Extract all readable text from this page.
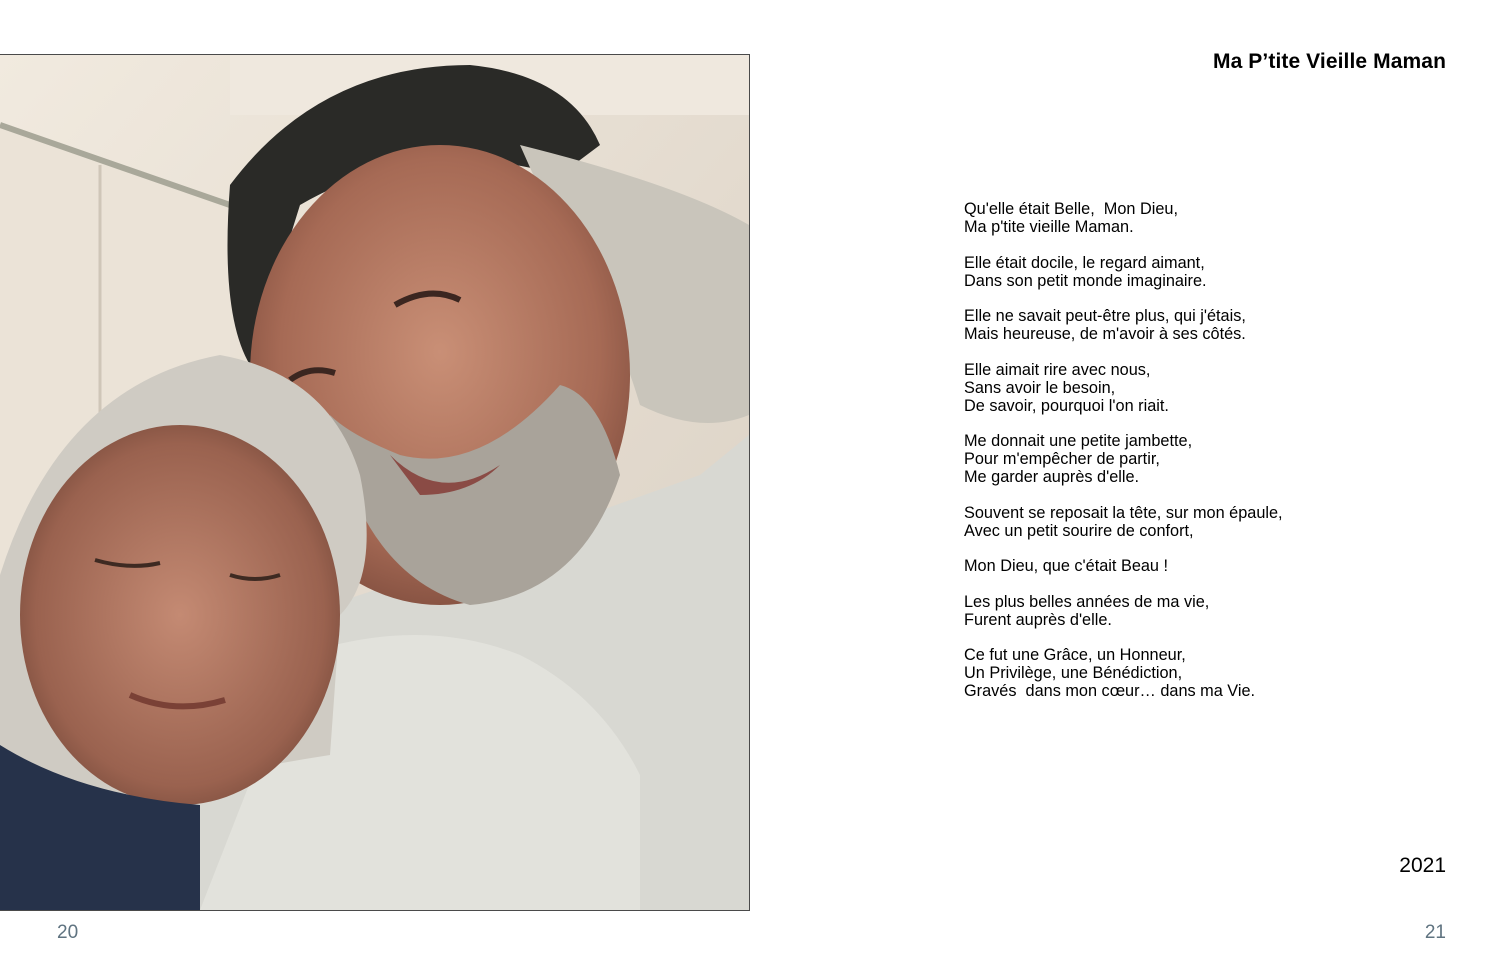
20
Ma P’tite Vieille Maman
Qu'elle était Belle,  Mon Dieu,
Ma p'tite vieille Maman.
Elle était docile, le regard aimant,
Dans son petit monde imaginaire.
Elle ne savait peut-être plus, qui j'étais,
Mais heureuse, de m'avoir à ses côtés.
Elle aimait rire avec nous,
Sans avoir le besoin,
De savoir, pourquoi l'on riait.
Me donnait une petite jambette,
Pour m'empêcher de partir,
Me garder auprès d'elle.
Souvent se reposait la tête, sur mon épaule,
Avec un petit sourire de confort,
Mon Dieu, que c'était Beau !
Les plus belles années de ma vie,
Furent auprès d'elle.
Ce fut une Grâce, un Honneur,
Un Privilège, une Bénédiction,
Gravés  dans mon cœur… dans ma Vie.
2021
21
